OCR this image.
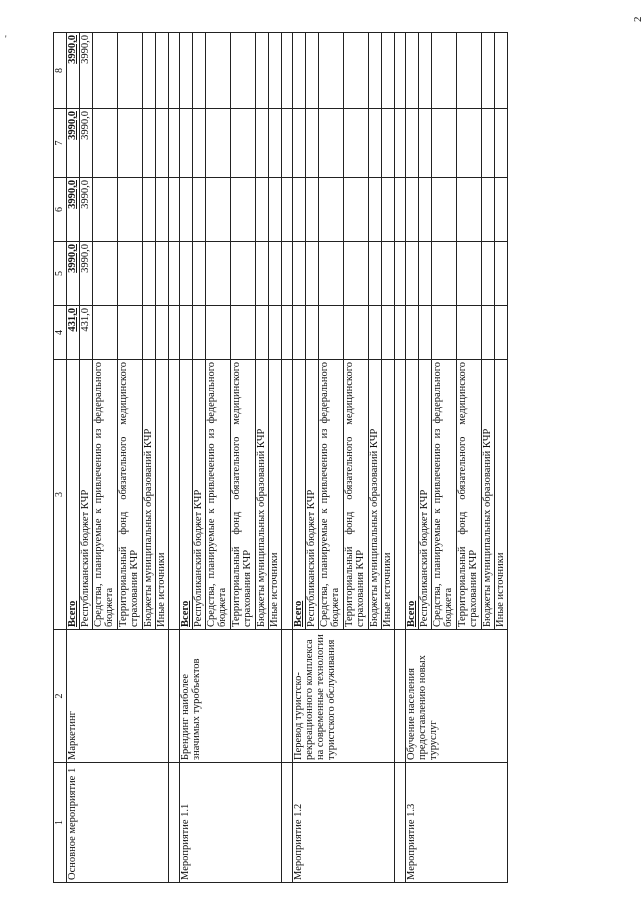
2
'
1	2	3	4	5	6	7	8
Основное мероприятие 1	Маркетинг	Всего	431,0	3990,0	3990,0	3990,0	3990,0
		Республиканский бюджет КЧР	431,0	3990,0	3990,0	3990,0	3990,0
		Средства, планируемые к привлечению из федерального бюджета					
		Территориальный фонд обязательного медицинского страхования КЧР					
		Бюджеты муниципальных образований КЧР					
		Иные источники					

Мероприятие 1.1	Брендинг наиболее значимых туробъектов	Всего					
		Республиканский бюджет КЧР					
		Средства, планируемые к привлечению из федерального бюджета					
		Территориальный фонд обязательного медицинского страхования КЧР					
		Бюджеты муниципальных образований КЧР					
		Иные источники					

Мероприятие 1.2	Перевод туристско-рекреационного комплекса на современные технологии туристского обслуживания	Всего					
		Республиканский бюджет КЧР					
		Средства, планируемые к привлечению из федерального бюджета					
		Территориальный фонд обязательного медицинского страхования КЧР					
		Бюджеты муниципальных образований КЧР					
		Иные источники					

Мероприятие 1.3	Обучение населения предоставлению новых туруслуг	Всего					
		Республиканский бюджет КЧР					
		Средства, планируемые к привлечению из федерального бюджета					
		Территориальный фонд обязательного медицинского страхования КЧР					
		Бюджеты муниципальных образований КЧР					
		Иные источники					
